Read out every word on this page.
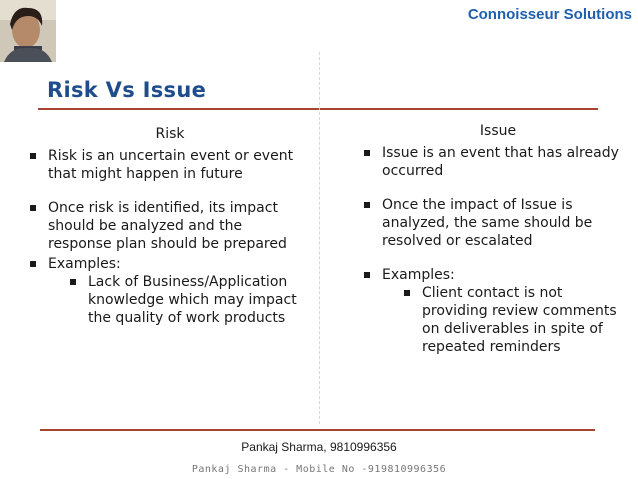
Connoisseur Solutions
Risk Vs Issue
Risk
Risk is an uncertain event or event that might happen in future
Once risk is identified, its impact should be analyzed and the response plan should be prepared
Examples:
Lack of Business/Application knowledge which may impact the quality of work products
Issue
Issue is an event that has already occurred
Once the impact of Issue is analyzed, the same should be resolved or escalated
Examples:
Client contact is not providing review comments on deliverables in spite of repeated reminders
Pankaj Sharma, 9810996356
Pankaj Sharma - Mobile No -919810996356
